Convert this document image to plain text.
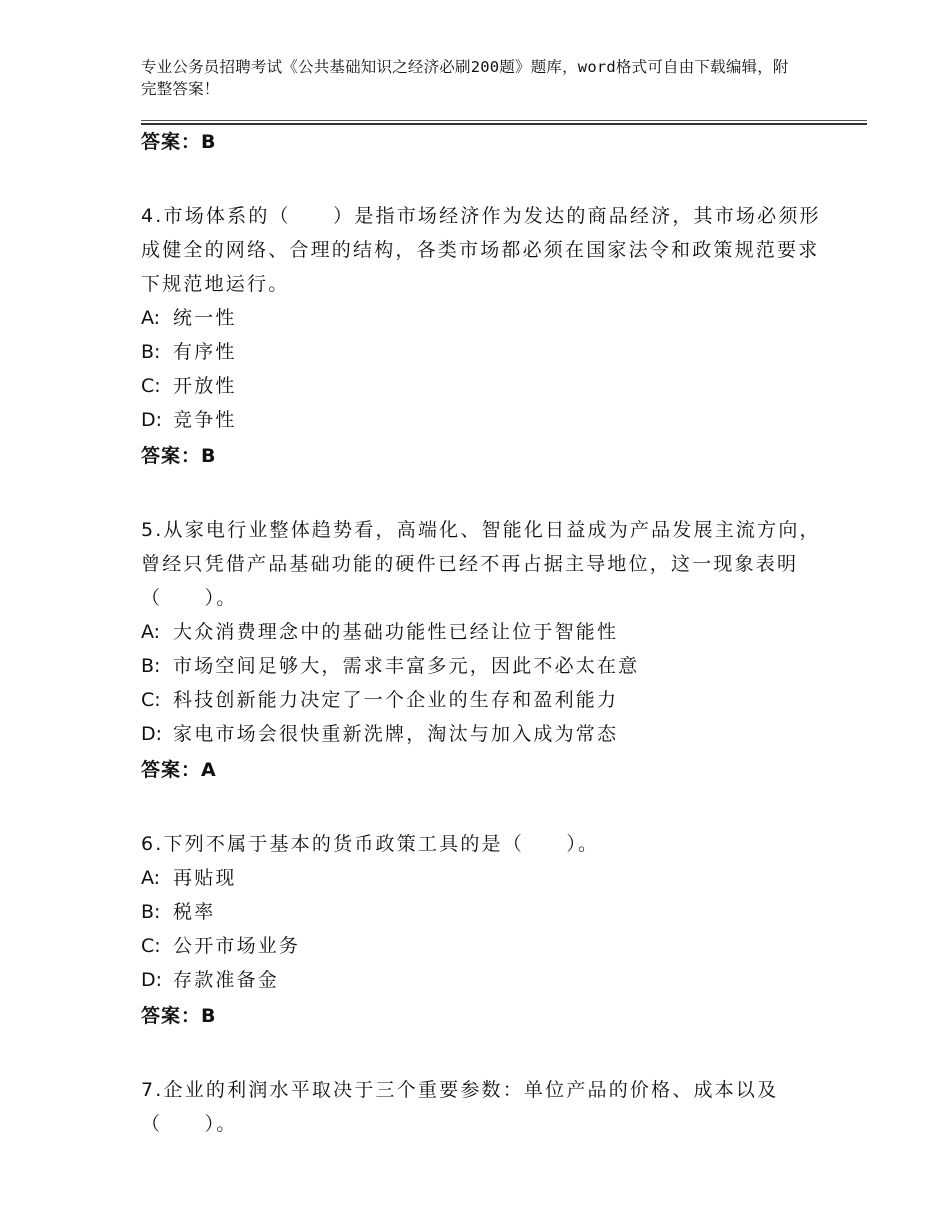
专业公务员招聘考试《公共基础知识之经济必刷200题》题库，word格式可自由下载编辑，附完整答案！
答案：B
4.市场体系的（　　）是指市场经济作为发达的商品经济，其市场必须形成健全的网络、合理的结构，各类市场都必须在国家法令和政策规范要求下规范地运行。
A: 统一性
B: 有序性
C: 开放性
D: 竞争性
答案：B
5.从家电行业整体趋势看，高端化、智能化日益成为产品发展主流方向，曾经只凭借产品基础功能的硬件已经不再占据主导地位，这一现象表明（　　）。
A: 大众消费理念中的基础功能性已经让位于智能性
B: 市场空间足够大，需求丰富多元，因此不必太在意
C: 科技创新能力决定了一个企业的生存和盈利能力
D: 家电市场会很快重新洗牌，淘汰与加入成为常态
答案：A
6.下列不属于基本的货币政策工具的是（　　）。
A: 再贴现
B: 税率
C: 公开市场业务
D: 存款准备金
答案：B
7.企业的利润水平取决于三个重要参数：单位产品的价格、成本以及（　　）。
